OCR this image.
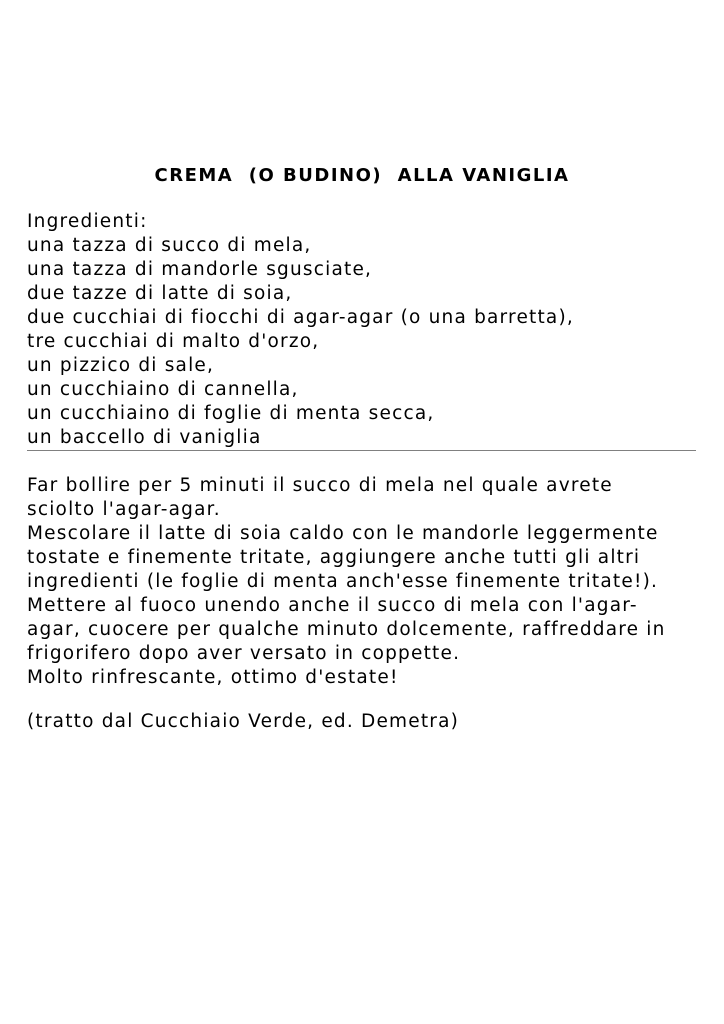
CREMA  (O BUDINO)  ALLA VANIGLIA
Ingredienti:
una tazza di succo di mela,
una tazza di mandorle sgusciate,
due tazze di latte di soia,
due cucchiai di fiocchi di agar-agar (o una barretta),
tre cucchiai di malto d'orzo,
un pizzico di sale,
un cucchiaino di cannella,
un cucchiaino di foglie di menta secca,
un baccello di vaniglia
Far bollire per 5 minuti il succo di mela nel quale avrete
sciolto l'agar-agar.
Mescolare il latte di soia caldo con le mandorle leggermente
tostate e finemente tritate, aggiungere anche tutti gli altri
ingredienti (le foglie di menta anch'esse finemente tritate!).
Mettere al fuoco unendo anche il succo di mela con l'agar-
agar, cuocere per qualche minuto dolcemente, raffreddare in
frigorifero dopo aver versato in coppette.
Molto rinfrescante, ottimo d'estate!
(tratto dal Cucchiaio Verde, ed. Demetra)
